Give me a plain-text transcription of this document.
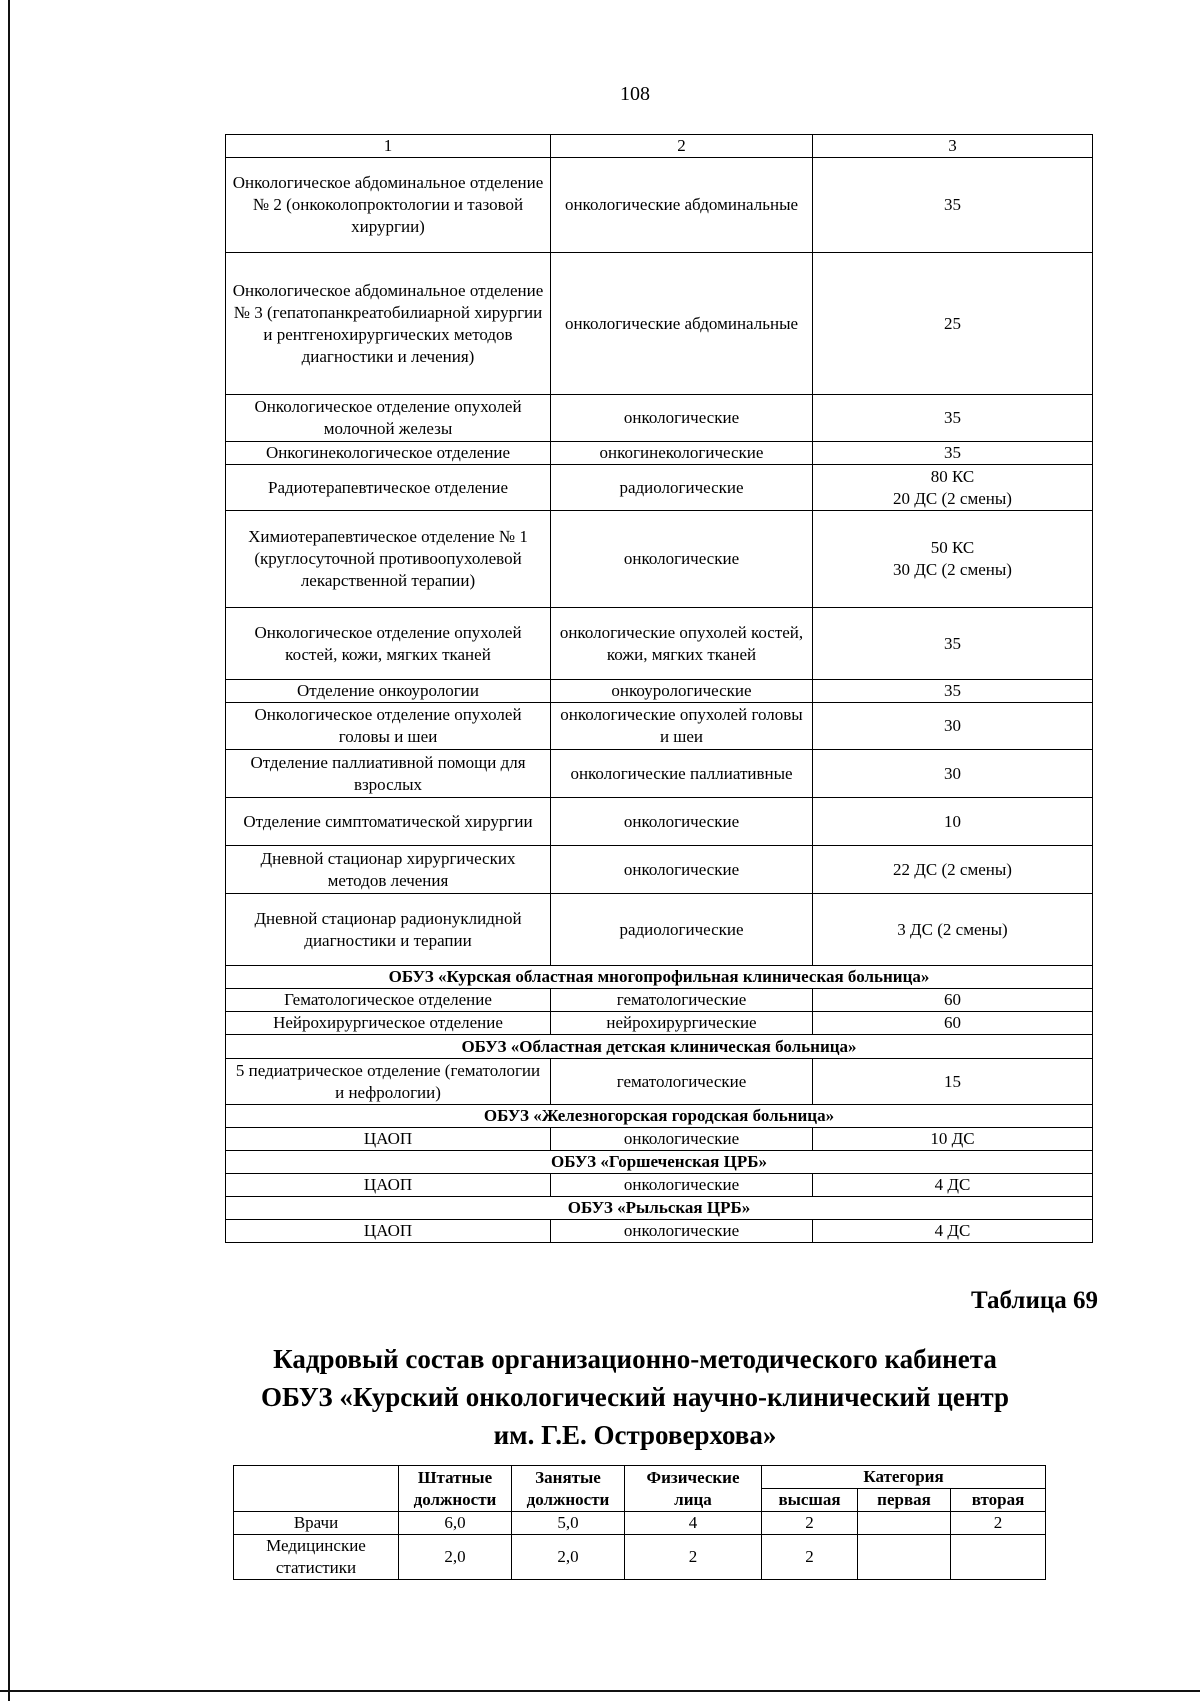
108
1	2	3
Онкологическое абдоминальное отделение № 2 (онкоколопроктологии и тазовой хирургии)	онкологические абдоминальные	35
Онкологическое абдоминальное отделение № 3 (гепатопанкреатобилиарной хирургии и рентгенохирургических методов диагностики и лечения)	онкологические абдоминальные	25
Онкологическое отделение опухолей молочной железы	онкологические	35
Онкогинекологическое отделение	онкогинекологические	35
Радиотерапевтическое отделение	радиологические	80 КС
20 ДС (2 смены)
Химиотерапевтическое отделение № 1 (круглосуточной противоопухолевой лекарственной терапии)	онкологические	50 КС
30 ДС (2 смены)
Онкологическое отделение опухолей костей, кожи, мягких тканей	онкологические опухолей костей, кожи, мягких тканей	35
Отделение онкоурологии	онкоурологические	35
Онкологическое отделение опухолей головы и шеи	онкологические опухолей головы и шеи	30
Отделение паллиативной помощи для взрослых	онкологические паллиативные	30
Отделение симптоматической хирургии	онкологические	10
Дневной стационар хирургических методов лечения	онкологические	22 ДС (2 смены)
Дневной стационар радионуклидной диагностики и терапии	радиологические	3 ДС (2 смены)
ОБУЗ «Курская областная многопрофильная клиническая больница»		
Гематологическое отделение	гематологические	60
Нейрохирургическое отделение	нейрохирургические	60
ОБУЗ «Областная детская клиническая больница»		
5 педиатрическое отделение (гематологии и нефрологии)	гематологические	15
ОБУЗ «Железногорская городская больница»		
ЦАОП	онкологические	10 ДС
ОБУЗ «Горшеченская ЦРБ»		
ЦАОП	онкологические	4 ДС
ОБУЗ «Рыльская ЦРБ»		
ЦАОП	онкологические	4 ДС
Таблица 69
Кадровый состав организационно-методического кабинета
ОБУЗ «Курский онкологический научно-клинический центр
им. Г.Е. Островерхова»
	Штатные должности	Занятые должности	Физические лица	Категория		
				высшая	первая	вторая
Врачи	6,0	5,0	4	2		2
Медицинские статистики	2,0	2,0	2	2		
